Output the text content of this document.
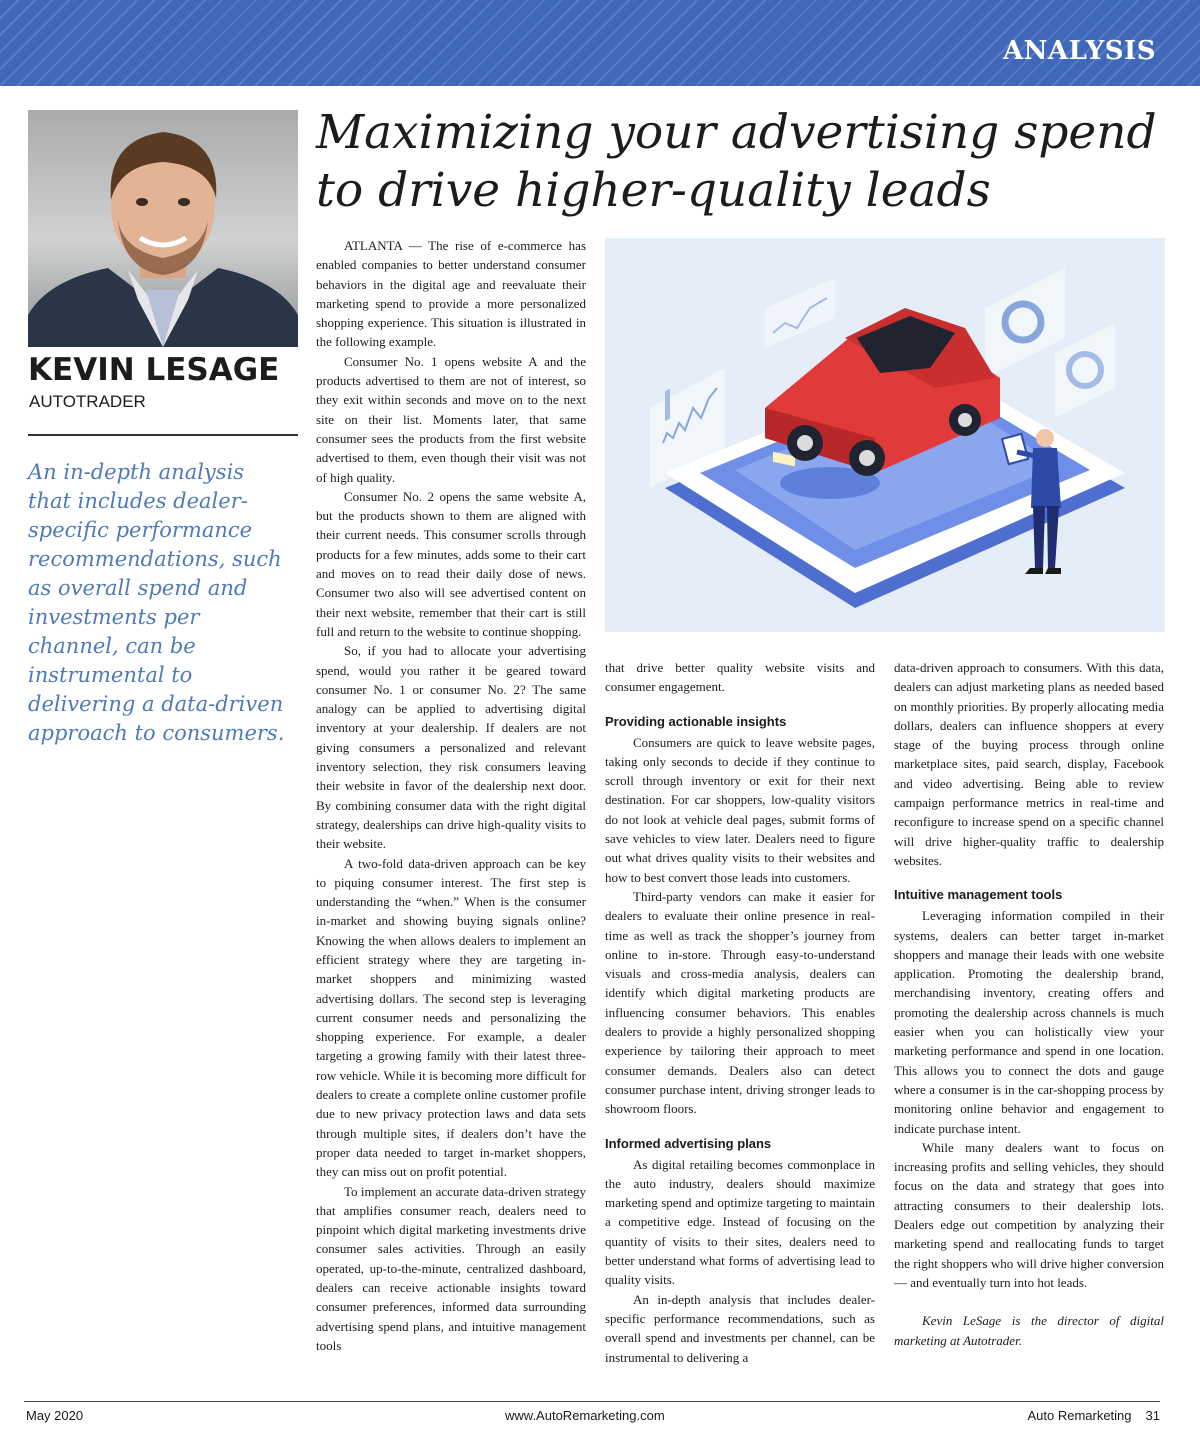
ANALYSIS
KEVIN LESAGE
AUTOTRADER

An in-depth analysis that includes dealer-specific performance recommendations, such as overall spend and investments per channel, can be instrumental to delivering a data-driven approach to consumers.

Maximizing your advertising spend to drive higher-quality leads

ATLANTA — The rise of e-commerce has enabled companies to better understand consumer behaviors in the digital age and reevaluate their marketing spend to provide a more personalized shopping experience. This situation is illustrated in the following example.

Consumer No. 1 opens website A and the products advertised to them are not of interest, so they exit within seconds and move on to the next site on their list. Moments later, that same consumer sees the products from the first website advertised to them, even though their visit was not of high quality.

Consumer No. 2 opens the same website A, but the products shown to them are aligned with their current needs. This consumer scrolls through products for a few minutes, adds some to their cart and moves on to read their daily dose of news. Consumer two also will see advertised content on their next website, remember that their cart is still full and return to the website to continue shopping.

So, if you had to allocate your advertising spend, would you rather it be geared toward consumer No. 1 or consumer No. 2? The same analogy can be applied to advertising digital inventory at your dealership. If dealers are not giving consumers a personalized and relevant inventory selection, they risk consumers leaving their website in favor of the dealership next door. By combining consumer data with the right digital strategy, dealerships can drive high-quality visits to their website.

A two-fold data-driven approach can be key to piquing consumer interest. The first step is understanding the “when.” When is the consumer in-market and showing buying signals online? Knowing the when allows dealers to implement an efficient strategy where they are targeting in-market shoppers and minimizing wasted advertising dollars. The second step is leveraging current consumer needs and personalizing the shopping experience. For example, a dealer targeting a growing family with their latest three-row vehicle. While it is becoming more difficult for dealers to create a complete online customer profile due to new privacy protection laws and data sets through multiple sites, if dealers don’t have the proper data needed to target in-market shoppers, they can miss out on profit potential.

To implement an accurate data-driven strategy that amplifies consumer reach, dealers need to pinpoint which digital marketing investments drive consumer sales activities. Through an easily operated, up-to-the-minute, centralized dashboard, dealers can receive actionable insights toward consumer preferences, informed data surrounding advertising spend plans, and intuitive management tools

that drive better quality website visits and consumer engagement.

Providing actionable insights

Consumers are quick to leave website pages, taking only seconds to decide if they continue to scroll through inventory or exit for their next destination. For car shoppers, low-quality visitors do not look at vehicle deal pages, submit forms of save vehicles to view later. Dealers need to figure out what drives quality visits to their websites and how to best convert those leads into customers.

Third-party vendors can make it easier for dealers to evaluate their online presence in real-time as well as track the shopper’s journey from online to in-store. Through easy-to-understand visuals and cross-media analysis, dealers can identify which digital marketing products are influencing consumer behaviors. This enables dealers to provide a highly personalized shopping experience by tailoring their approach to meet consumer demands. Dealers also can detect consumer purchase intent, driving stronger leads to showroom floors.

Informed advertising plans

As digital retailing becomes commonplace in the auto industry, dealers should maximize marketing spend and optimize targeting to maintain a competitive edge. Instead of focusing on the quantity of visits to their sites, dealers need to better understand what forms of advertising lead to quality visits.

An in-depth analysis that includes dealer-specific performance recommendations, such as overall spend and investments per channel, can be instrumental to delivering a

data-driven approach to consumers. With this data, dealers can adjust marketing plans as needed based on monthly priorities. By properly allocating media dollars, dealers can influence shoppers at every stage of the buying process through online marketplace sites, paid search, display, Facebook and video advertising. Being able to review campaign performance metrics in real-time and reconfigure to increase spend on a specific channel will drive higher-quality traffic to dealership websites.

Intuitive management tools

Leveraging information compiled in their systems, dealers can better target in-market shoppers and manage their leads with one website application. Promoting the dealership brand, merchandising inventory, creating offers and promoting the dealership across channels is much easier when you can holistically view your marketing performance and spend in one location. This allows you to connect the dots and gauge where a consumer is in the car-shopping process by monitoring online behavior and engagement to indicate purchase intent.

While many dealers want to focus on increasing profits and selling vehicles, they should focus on the data and strategy that goes into attracting consumers to their dealership lots. Dealers edge out competition by analyzing their marketing spend and reallocating funds to target the right shoppers who will drive higher conversion — and eventually turn into hot leads.

Kevin LeSage is the director of digital marketing at Autotrader.

May 2020	www.AutoRemarketing.com	Auto Remarketing 31
